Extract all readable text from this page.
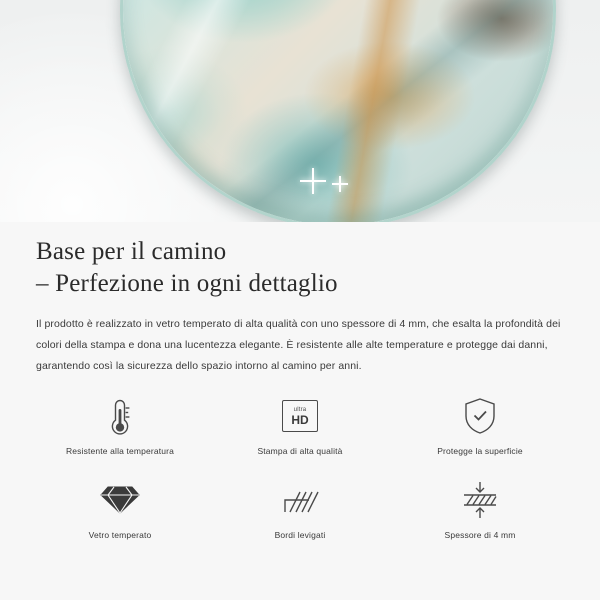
Base per il camino
– Perfezione in ogni dettaglio

Il prodotto è realizzato in vetro temperato di alta qualità con uno spessore di 4 mm, che esalta la profondità dei colori della stampa e dona una lucentezza elegante. È resistente alle alte temperature e protegge dai danni, garantendo così la sicurezza dello spazio intorno al camino per anni.

Resistente alla temperatura
ultra
HD
Stampa di alta qualità	Protegge la superficie
Vetro temperato	Bordi levigati	Spessore di 4 mm
